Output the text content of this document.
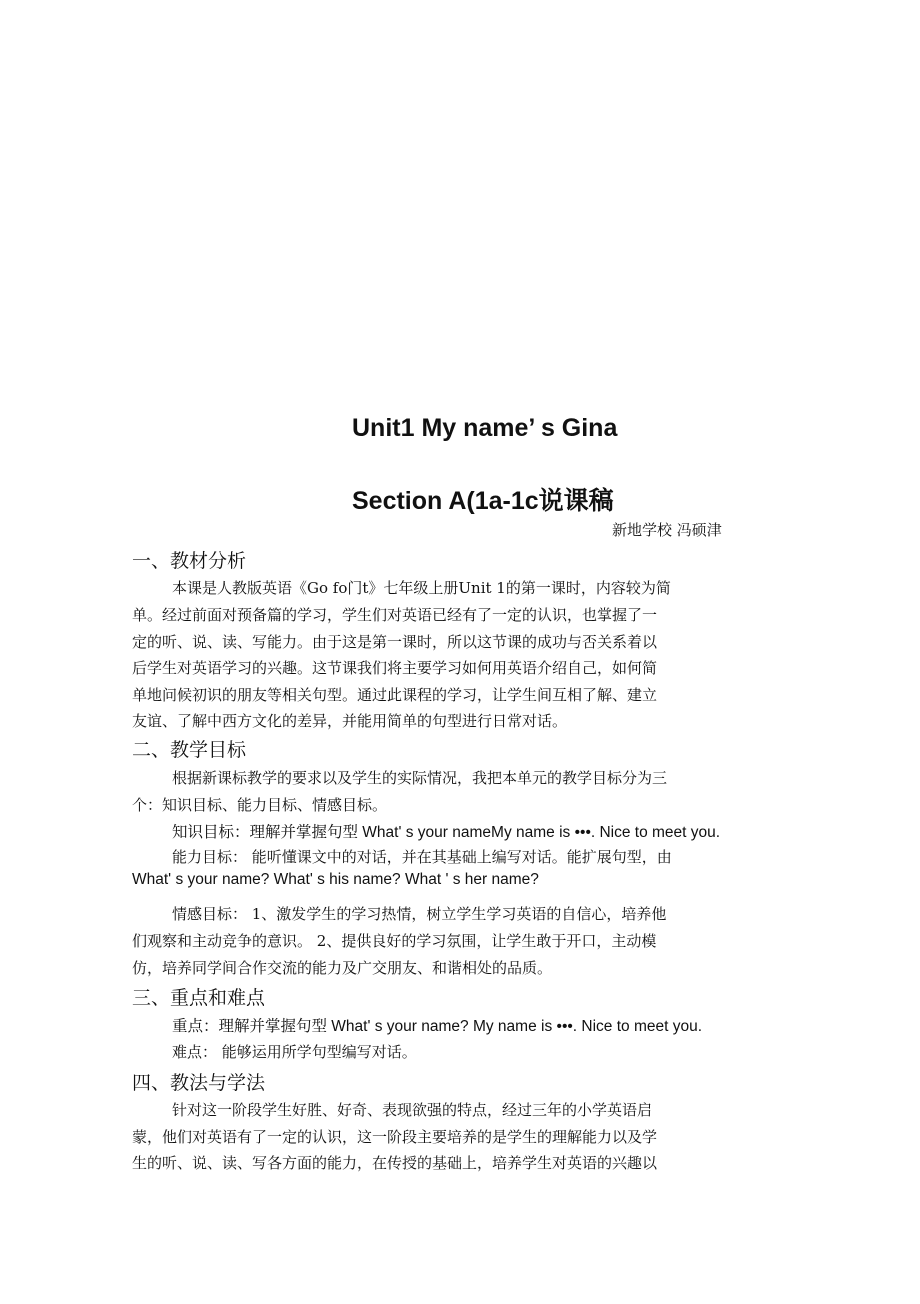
Unit1 My name’ s Gina
Section A(1a-1c说课稿
新地学校 冯硕津
一、教材分析
本课是人教版英语《Go fo门t》七年级上册Unit 1的第一课时，内容较为简
单。经过前面对预备篇的学习，学生们对英语已经有了一定的认识，也掌握了一
定的听、说、读、写能力。由于这是第一课时，所以这节课的成功与否关系着以
后学生对英语学习的兴趣。这节课我们将主要学习如何用英语介绍自己，如何简
单地问候初识的朋友等相关句型。通过此课程的学习，让学生间互相了解、建立
友谊、了解中西方文化的差异，并能用简单的句型进行日常对话。
二、教学目标
根据新课标教学的要求以及学生的实际情况，我把本单元的教学目标分为三
个：知识目标、能力目标、情感目标。
知识目标：理解并掌握句型 What' s your nameMy name is •••. Nice to meet you.
能力目标： 能听懂课文中的对话，并在其基础上编写对话。能扩展句型，由
What' s your name? What' s his name? What ' s her name?
情感目标： 1、激发学生的学习热情，树立学生学习英语的自信心，培养他
们观察和主动竞争的意识。 2、提供良好的学习氛围，让学生敢于开口，主动模
仿，培养同学间合作交流的能力及广交朋友、和谐相处的品质。
三、重点和难点
重点：理解并掌握句型 What' s your name? My name is •••. Nice to meet you.
难点： 能够运用所学句型编写对话。
四、教法与学法
针对这一阶段学生好胜、好奇、表现欲强的特点，经过三年的小学英语启
蒙，他们对英语有了一定的认识，这一阶段主要培养的是学生的理解能力以及学
生的听、说、读、写各方面的能力，在传授的基础上，培养学生对英语的兴趣以
